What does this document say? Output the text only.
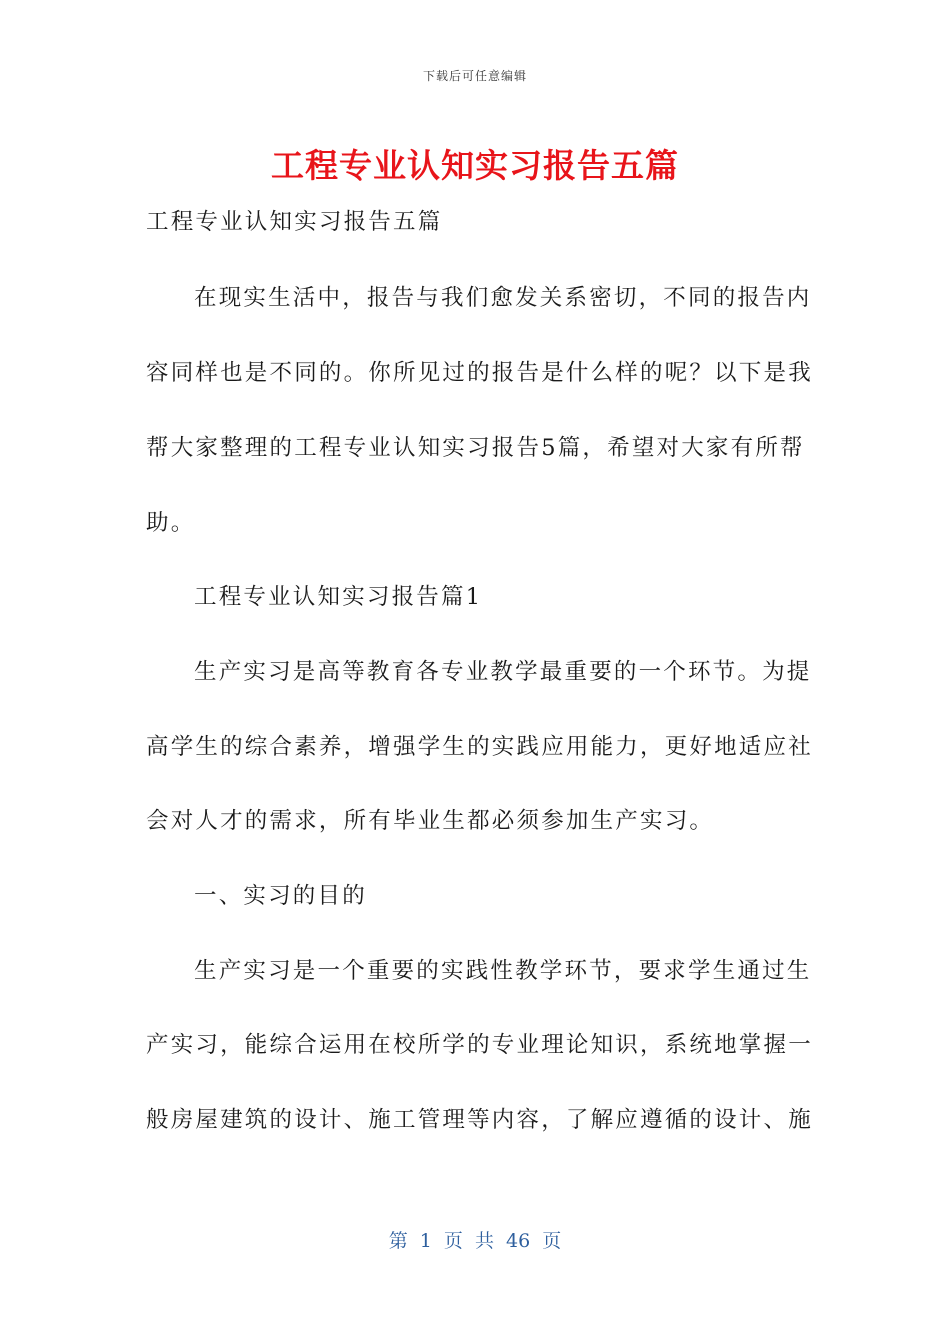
下载后可任意编辑
工程专业认知实习报告五篇
工程专业认知实习报告五篇
在现实生活中，报告与我们愈发关系密切，不同的报告内
容同样也是不同的。你所见过的报告是什么样的呢？以下是我
帮大家整理的工程专业认知实习报告5篇，希望对大家有所帮
助。
工程专业认知实习报告篇1
生产实习是高等教育各专业教学最重要的一个环节。为提
高学生的综合素养，增强学生的实践应用能力，更好地适应社
会对人才的需求，所有毕业生都必须参加生产实习。
一、实习的目的
生产实习是一个重要的实践性教学环节，要求学生通过生
产实习，能综合运用在校所学的专业理论知识，系统地掌握一
般房屋建筑的设计、施工管理等内容，了解应遵循的设计、施
第 1 页 共 46 页
